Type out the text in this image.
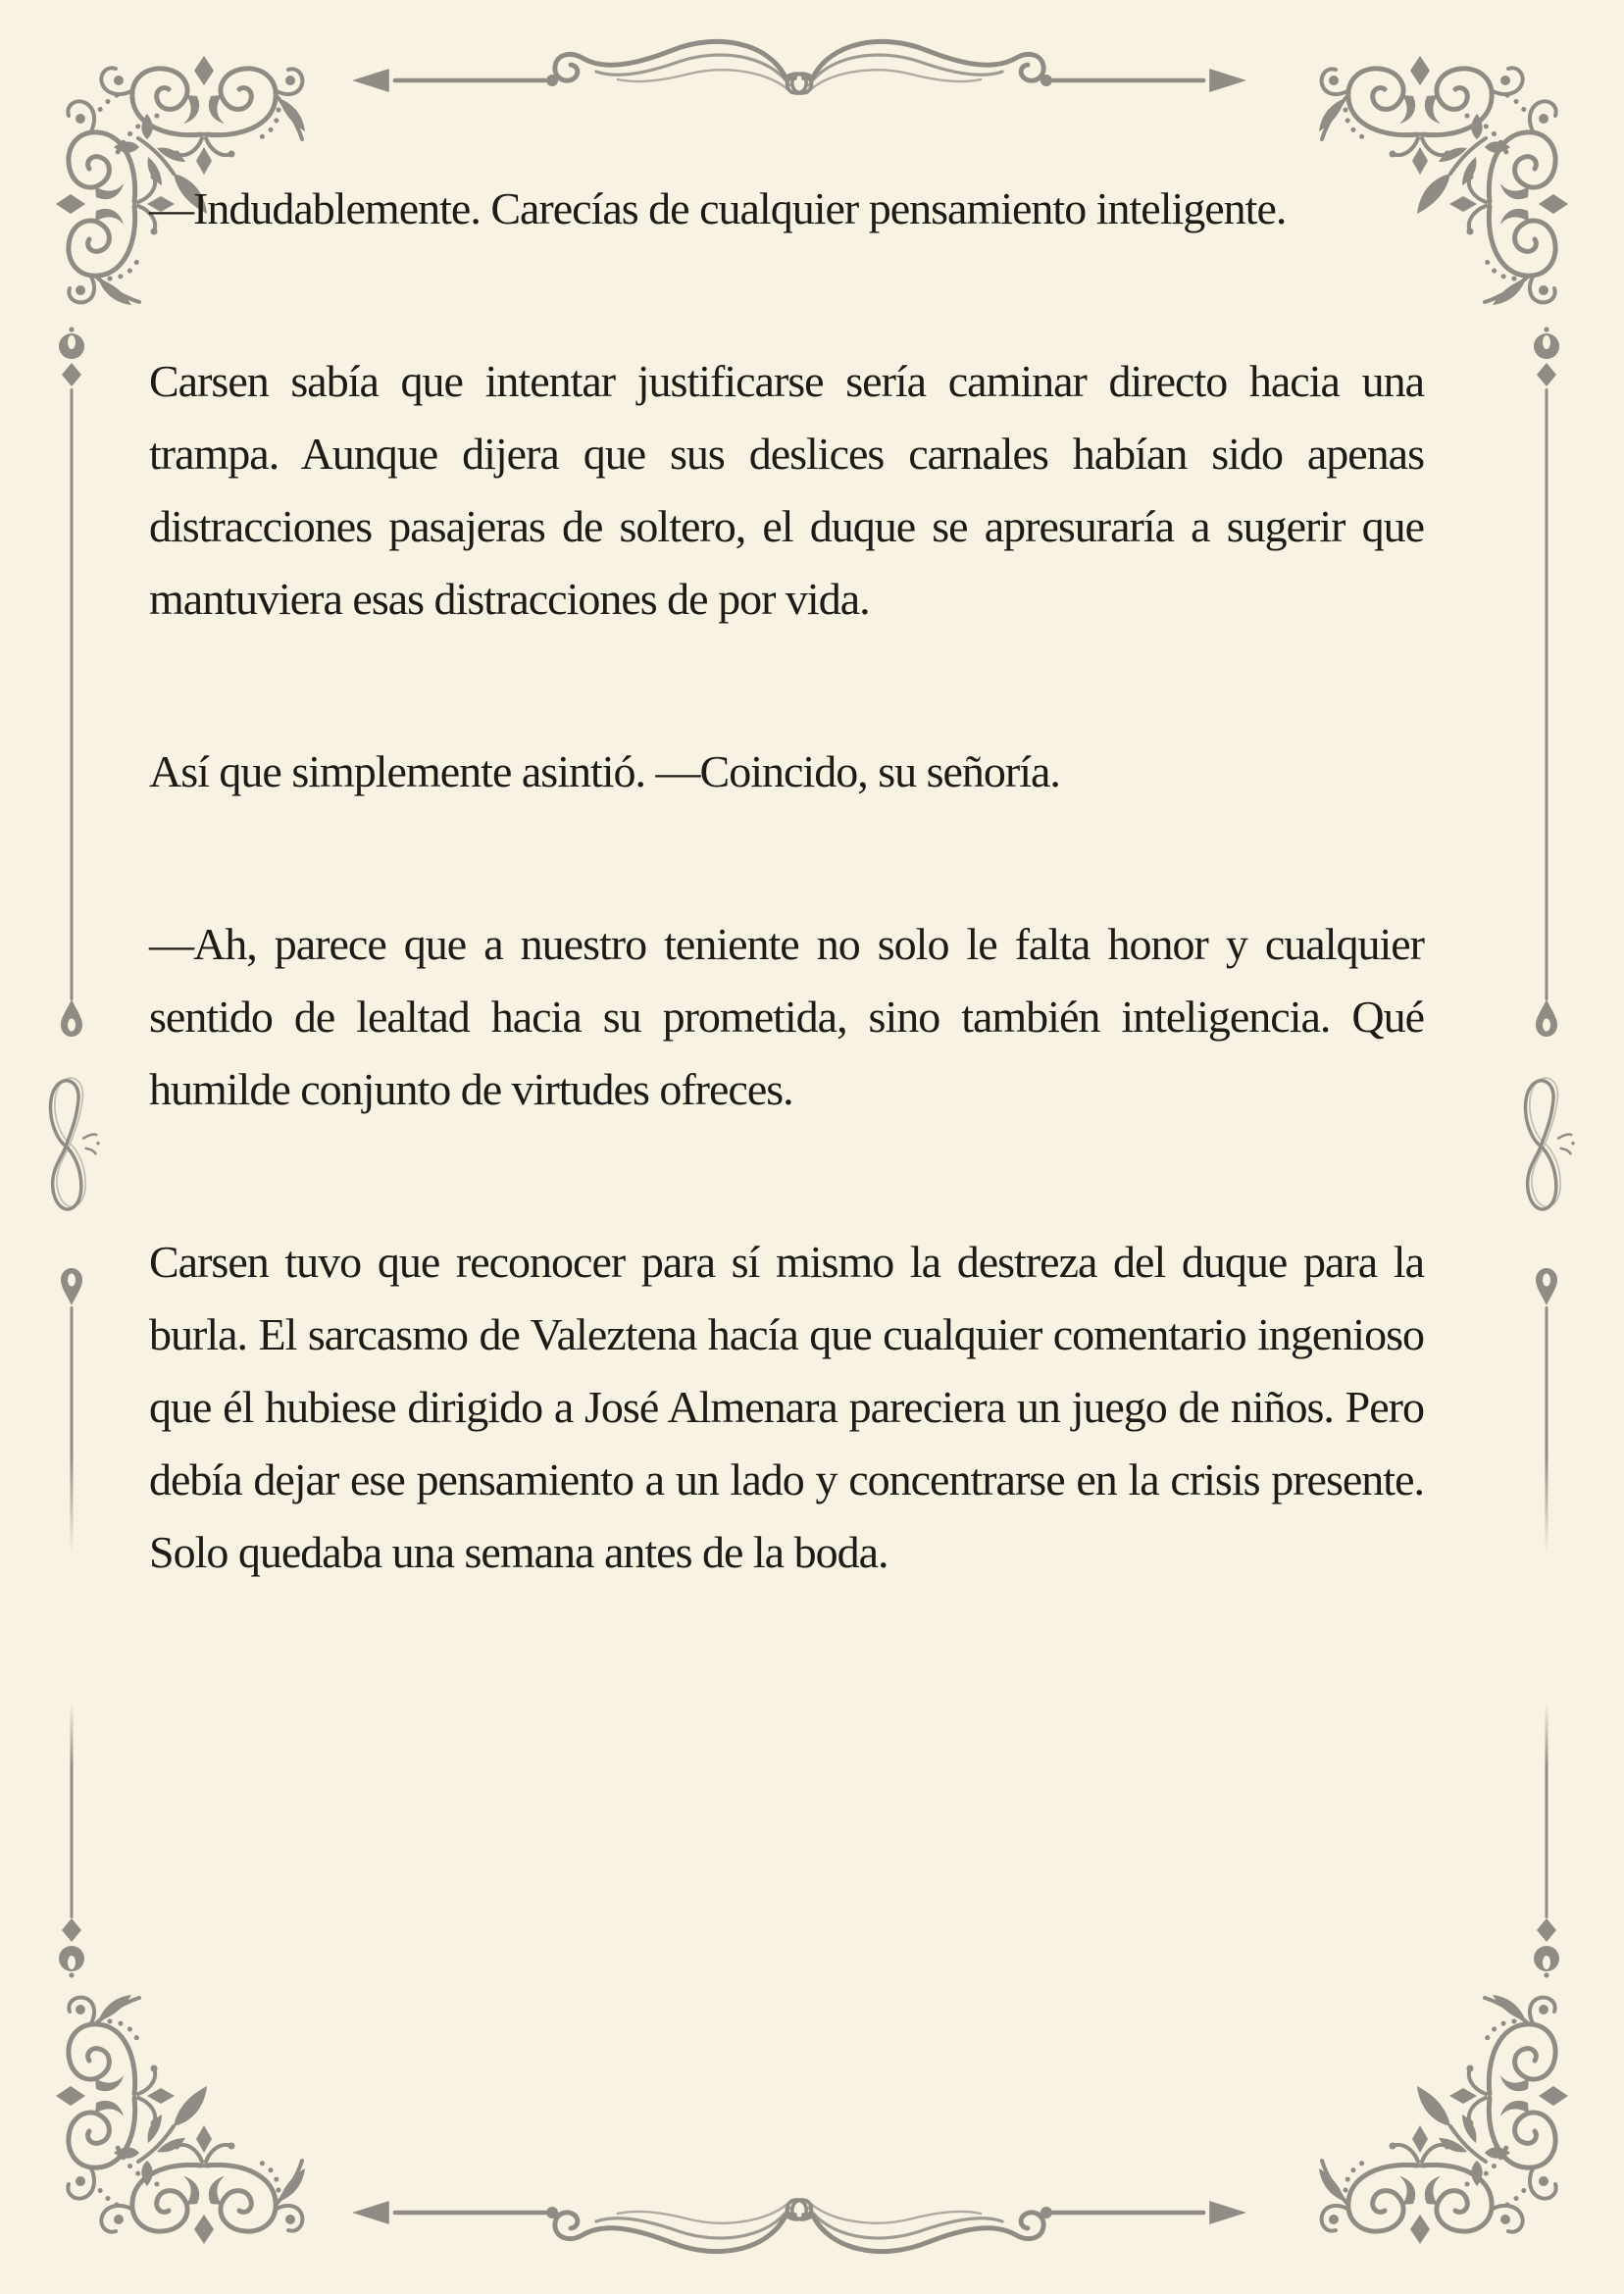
—Indudablemente. Carecías de cualquier pensamiento inteligente.

Carsen sabía que intentar justificarse sería caminar directo hacia una trampa. Aunque dijera que sus deslices carnales habían sido apenas distracciones pasajeras de soltero, el duque se apresuraría a sugerir que mantuviera esas distracciones de por vida.

Así que simplemente asintió. —Coincido, su señoría.

—Ah, parece que a nuestro teniente no solo le falta honor y cualquier sentido de lealtad hacia su prometida, sino también inteligencia. Qué humilde conjunto de virtudes ofreces.

Carsen tuvo que reconocer para sí mismo la destreza del duque para la burla. El sarcasmo de Valeztena hacía que cualquier comentario ingenioso que él hubiese dirigido a José Almenara pareciera un juego de niños. Pero debía dejar ese pensamiento a un lado y concentrarse en la crisis presente. Solo quedaba una semana antes de la boda.
